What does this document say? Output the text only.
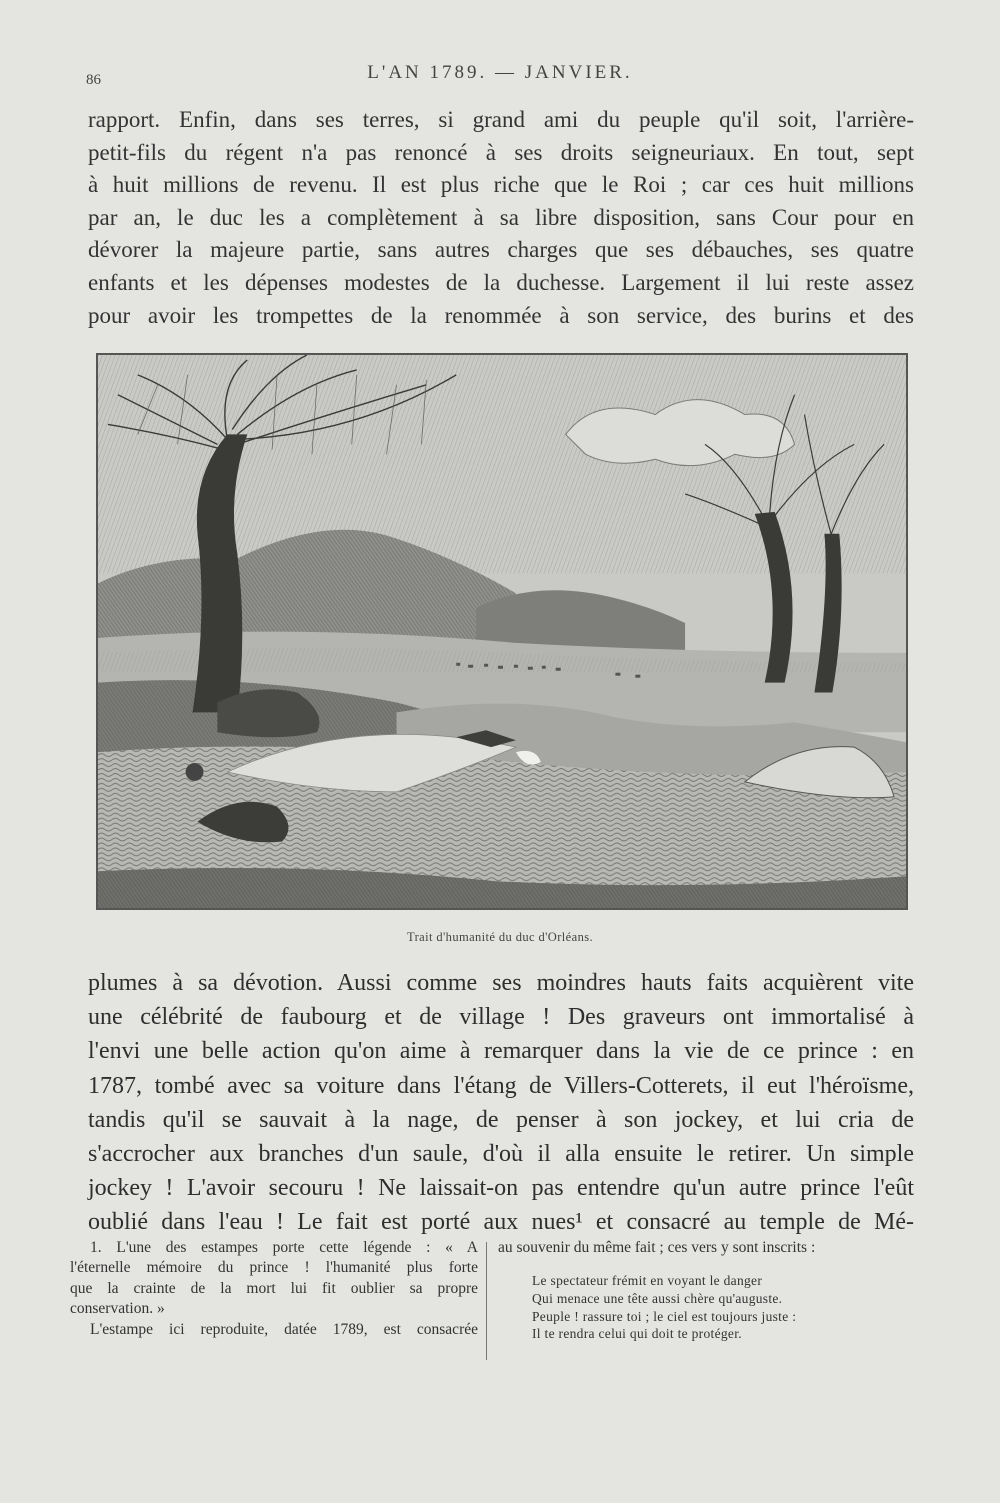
86	L'AN 1789. — JANVIER.
rapport. Enfin, dans ses terres, si grand ami du peuple qu'il soit, l'arrière-
petit-fils du régent n'a pas renoncé à ses droits seigneuriaux. En tout, sept
à huit millions de revenu. Il est plus riche que le Roi ; car ces huit millions
par an, le duc les a complètement à sa libre disposition, sans Cour pour en
dévorer la majeure partie, sans autres charges que ses débauches, ses quatre
enfants et les dépenses modestes de la duchesse. Largement il lui reste assez
pour avoir les trompettes de la renommée à son service, des burins et des
Trait d'humanité du duc d'Orléans.
plumes à sa dévotion. Aussi comme ses moindres hauts faits acquièrent vite
une célébrité de faubourg et de village ! Des graveurs ont immortalisé à
l'envi une belle action qu'on aime à remarquer dans la vie de ce prince : en
1787, tombé avec sa voiture dans l'étang de Villers-Cotterets, il eut l'héroïsme,
tandis qu'il se sauvait à la nage, de penser à son jockey, et lui cria de
s'accrocher aux branches d'un saule, d'où il alla ensuite le retirer. Un simple
jockey ! L'avoir secouru ! Ne laissait-on pas entendre qu'un autre prince l'eût
oublié dans l'eau ! Le fait est porté aux nues¹ et consacré au temple de Mé-
1. L'une des estampes porte cette légende : « A
l'éternelle mémoire du prince ! l'humanité plus forte
que la crainte de la mort lui fit oublier sa propre
conservation. »
L'estampe ici reproduite, datée 1789, est consacrée
au souvenir du même fait ; ces vers y sont inscrits :
Le spectateur frémit en voyant le danger
Qui menace une tête aussi chère qu'auguste.
Peuple ! rassure toi ; le ciel est toujours juste :
Il te rendra celui qui doit te protéger.
